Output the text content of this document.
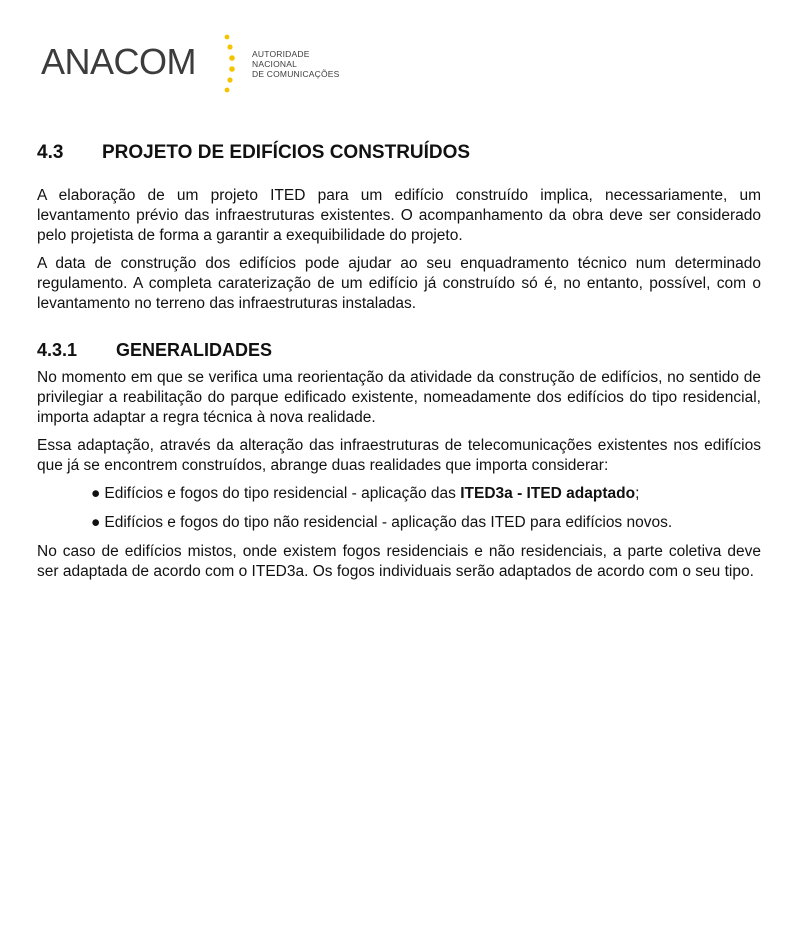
ANACOM	AUTORIDADE
NACIONAL
DE COMUNICAÇÕES
4.3 PROJETO DE EDIFÍCIOS CONSTRUÍDOS

A elaboração de um projeto ITED para um edifício construído implica, necessariamente, um levantamento prévio das infraestruturas existentes. O acompanhamento da obra deve ser considerado pelo projetista de forma a garantir a exequibilidade do projeto.

A data de construção dos edifícios pode ajudar ao seu enquadramento técnico num determinado regulamento. A completa caraterização de um edifício já construído só é, no entanto, possível, com o levantamento no terreno das infraestruturas instaladas.

4.3.1 GENERALIDADES

No momento em que se verifica uma reorientação da atividade da construção de edifícios, no sentido de privilegiar a reabilitação do parque edificado existente, nomeadamente dos edifícios do tipo residencial, importa adaptar a regra técnica à nova realidade.

Essa adaptação, através da alteração das infraestruturas de telecomunicações existentes nos edifícios que já se encontrem construídos, abrange duas realidades que importa considerar:

● Edifícios e fogos do tipo residencial - aplicação das ITED3a - ITED adaptado;
● Edifícios e fogos do tipo não residencial - aplicação das ITED para edifícios novos.

No caso de edifícios mistos, onde existem fogos residenciais e não residenciais, a parte coletiva deve ser adaptada de acordo com o ITED3a. Os fogos individuais serão adaptados de acordo com o seu tipo.
